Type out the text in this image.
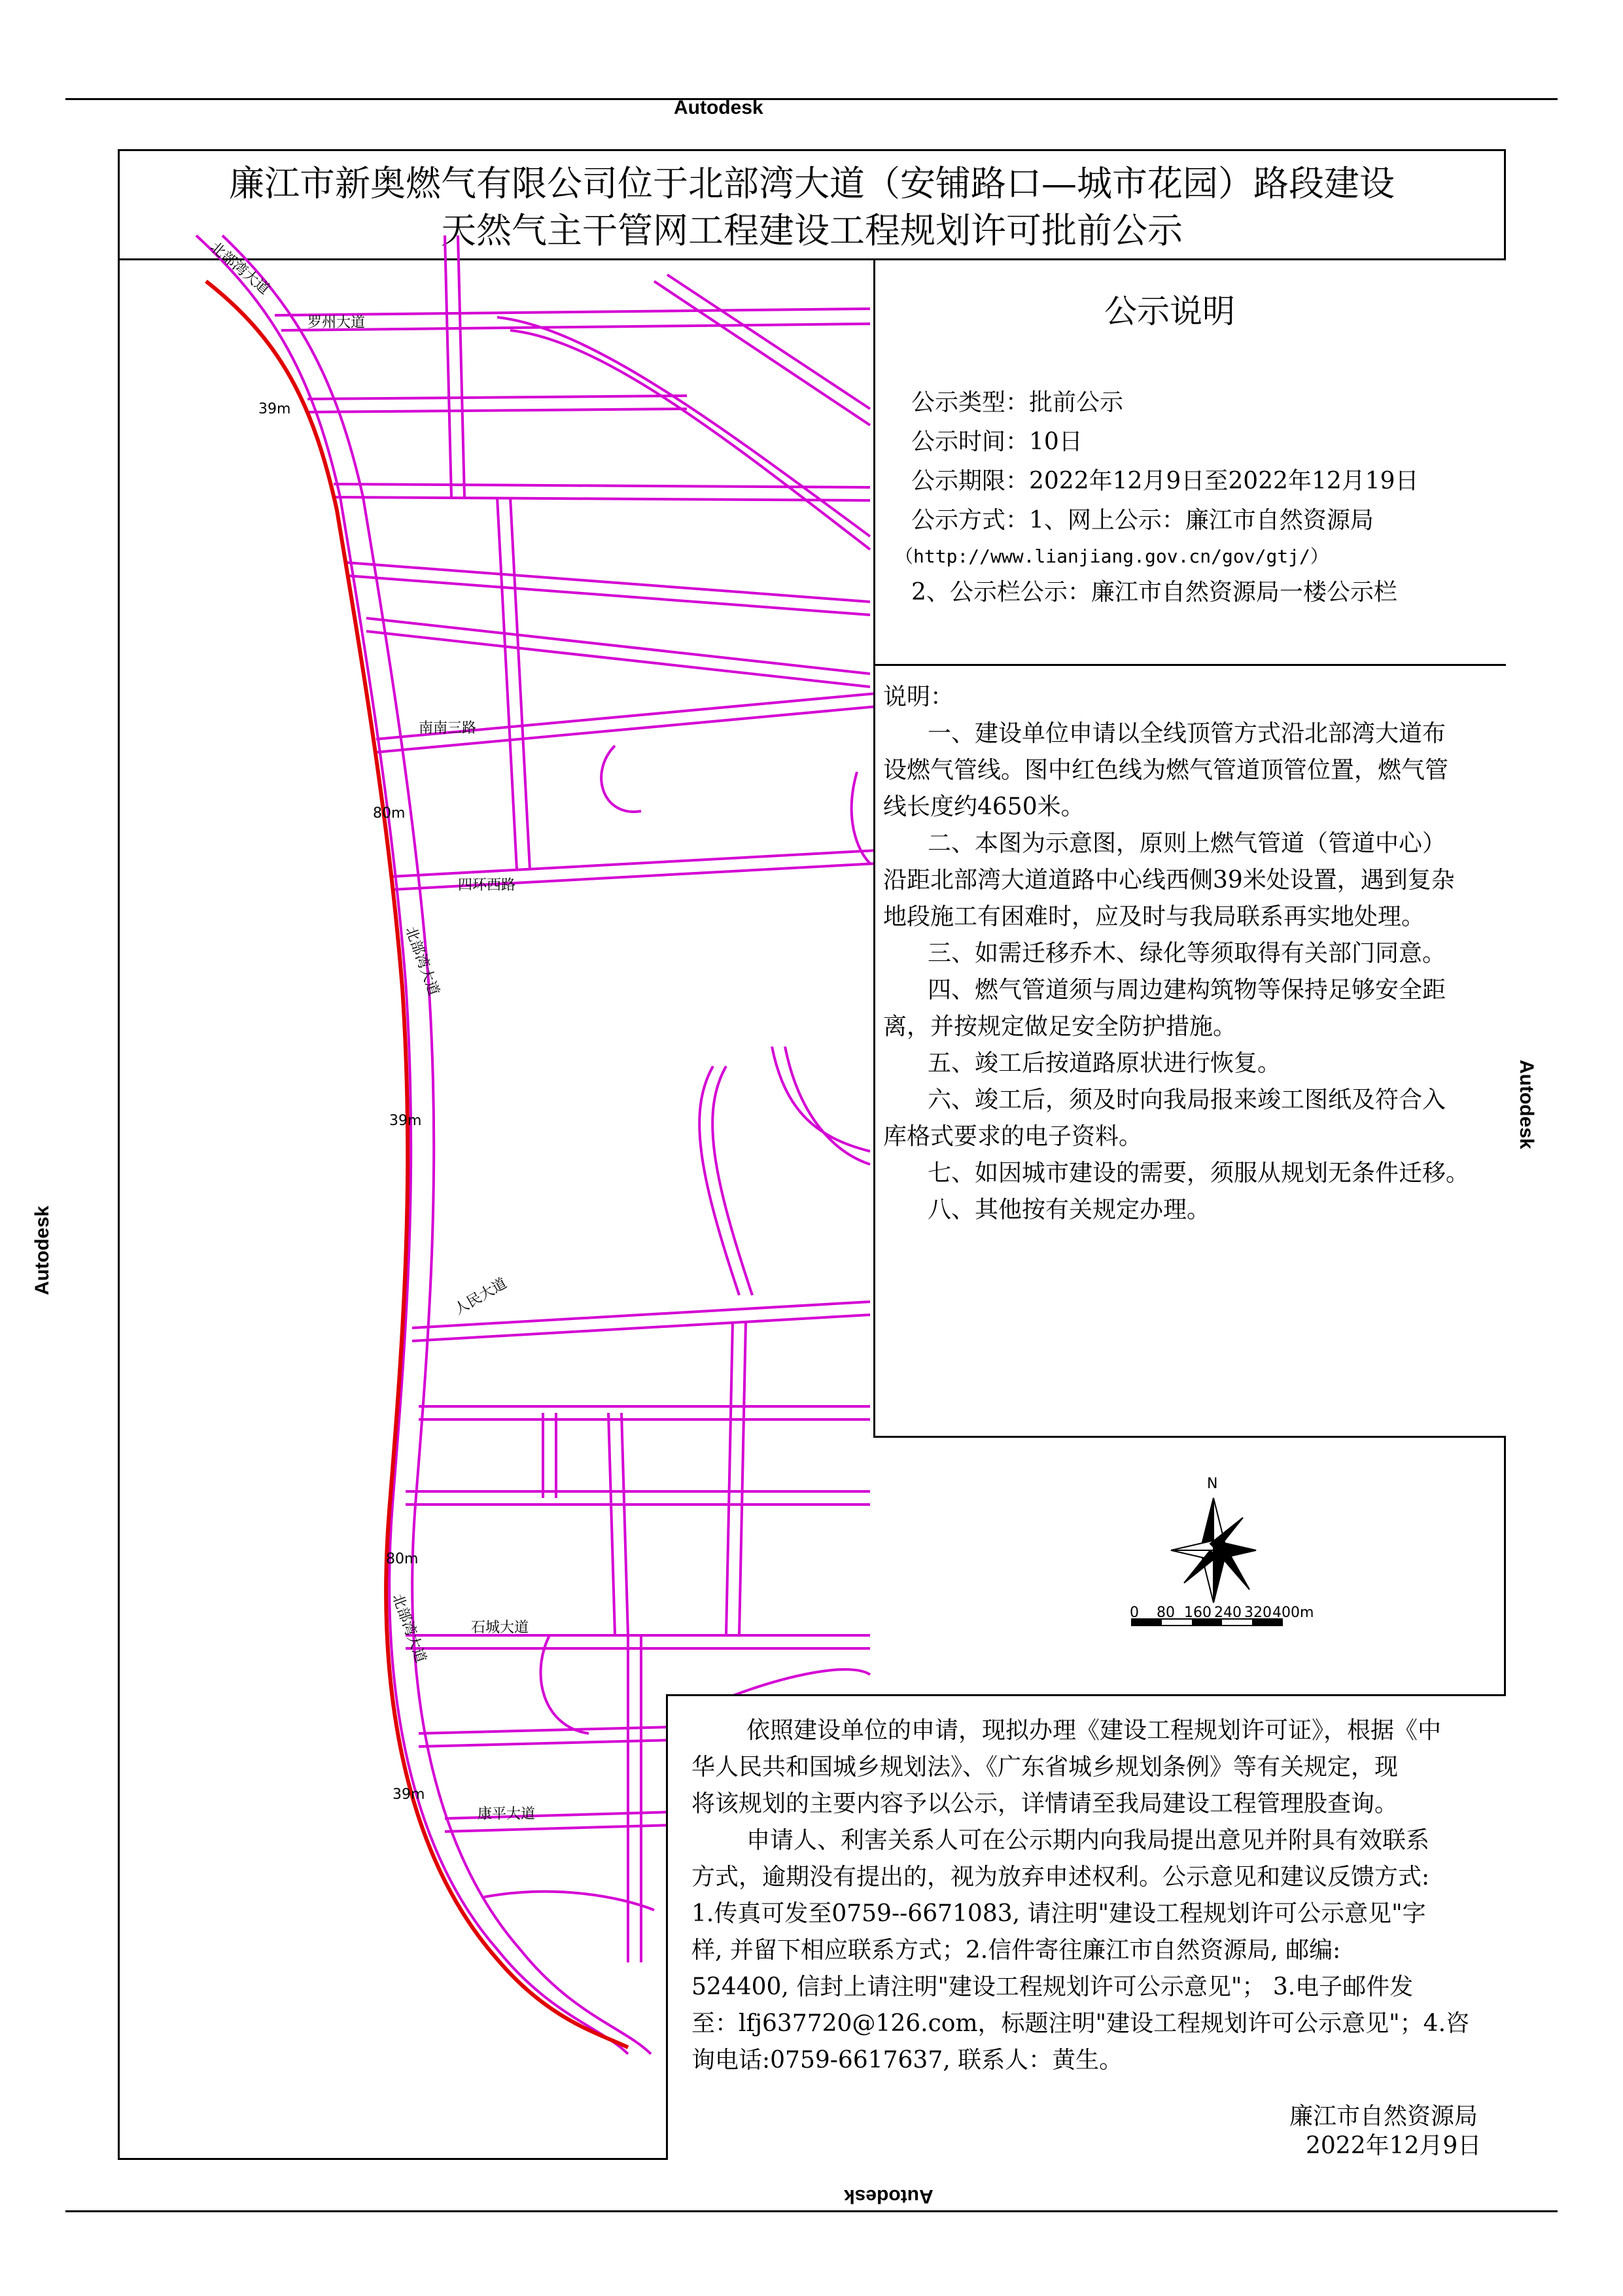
Autodesk
Autodesk
Autodesk
Autodesk
廉江市新奥燃气有限公司位于北部湾大道（安铺路口—城市花园）路段建设
天然气主干管网工程建设工程规划许可批前公示
罗州大道
39m
南南三路
80m
四环西路
北部湾大道
39m
人民大道
80m
北部湾大道	石城大道
39m
康平大道
北部湾大道
公示说明
公示类型：批前公示
公示时间：10日
公示期限：2022年12月9日至2022年12月19日
公示方式：1、网上公示：廉江市自然资源局
（http://www.lianjiang.gov.cn/gov/gtj/）
2、公示栏公示：廉江市自然资源局一楼公示栏
说明：
一、建设单位申请以全线顶管方式沿北部湾大道布
设燃气管线。图中红色线为燃气管道顶管位置，燃气管
线长度约4650米。
二、本图为示意图，原则上燃气管道（管道中心）
沿距北部湾大道道路中心线西侧39米处设置，遇到复杂
地段施工有困难时，应及时与我局联系再实地处理。
三、如需迁移乔木、绿化等须取得有关部门同意。
四、燃气管道须与周边建构筑物等保持足够安全距
离，并按规定做足安全防护措施。
五、竣工后按道路原状进行恢复。
六、竣工后，须及时向我局报来竣工图纸及符合入
库格式要求的电子资料。
七、如因城市建设的需要，须服从规划无条件迁移。
八、其他按有关规定办理。
N
0 80 160 240 320 400m
依照建设单位的申请，现拟办理《建设工程规划许可证》，根据《中
华人民共和国城乡规划法》、《广东省城乡规划条例》等有关规定，现
将该规划的主要内容予以公示，详情请至我局建设工程管理股查询。
申请人、利害关系人可在公示期内向我局提出意见并附具有效联系
方式，逾期没有提出的，视为放弃申述权利。公示意见和建议反馈方式:
1.传真可发至0759--6671083, 请注明"建设工程规划许可公示意见"字
样, 并留下相应联系方式；2.信件寄往廉江市自然资源局, 邮编:
524400, 信封上请注明"建设工程规划许可公示意见"； 3.电子邮件发
至：lfj637720@126.com，标题注明"建设工程规划许可公示意见"；4.咨
询电话:0759-6617637, 联系人：黄生。
廉江市自然资源局
2022年12月9日
